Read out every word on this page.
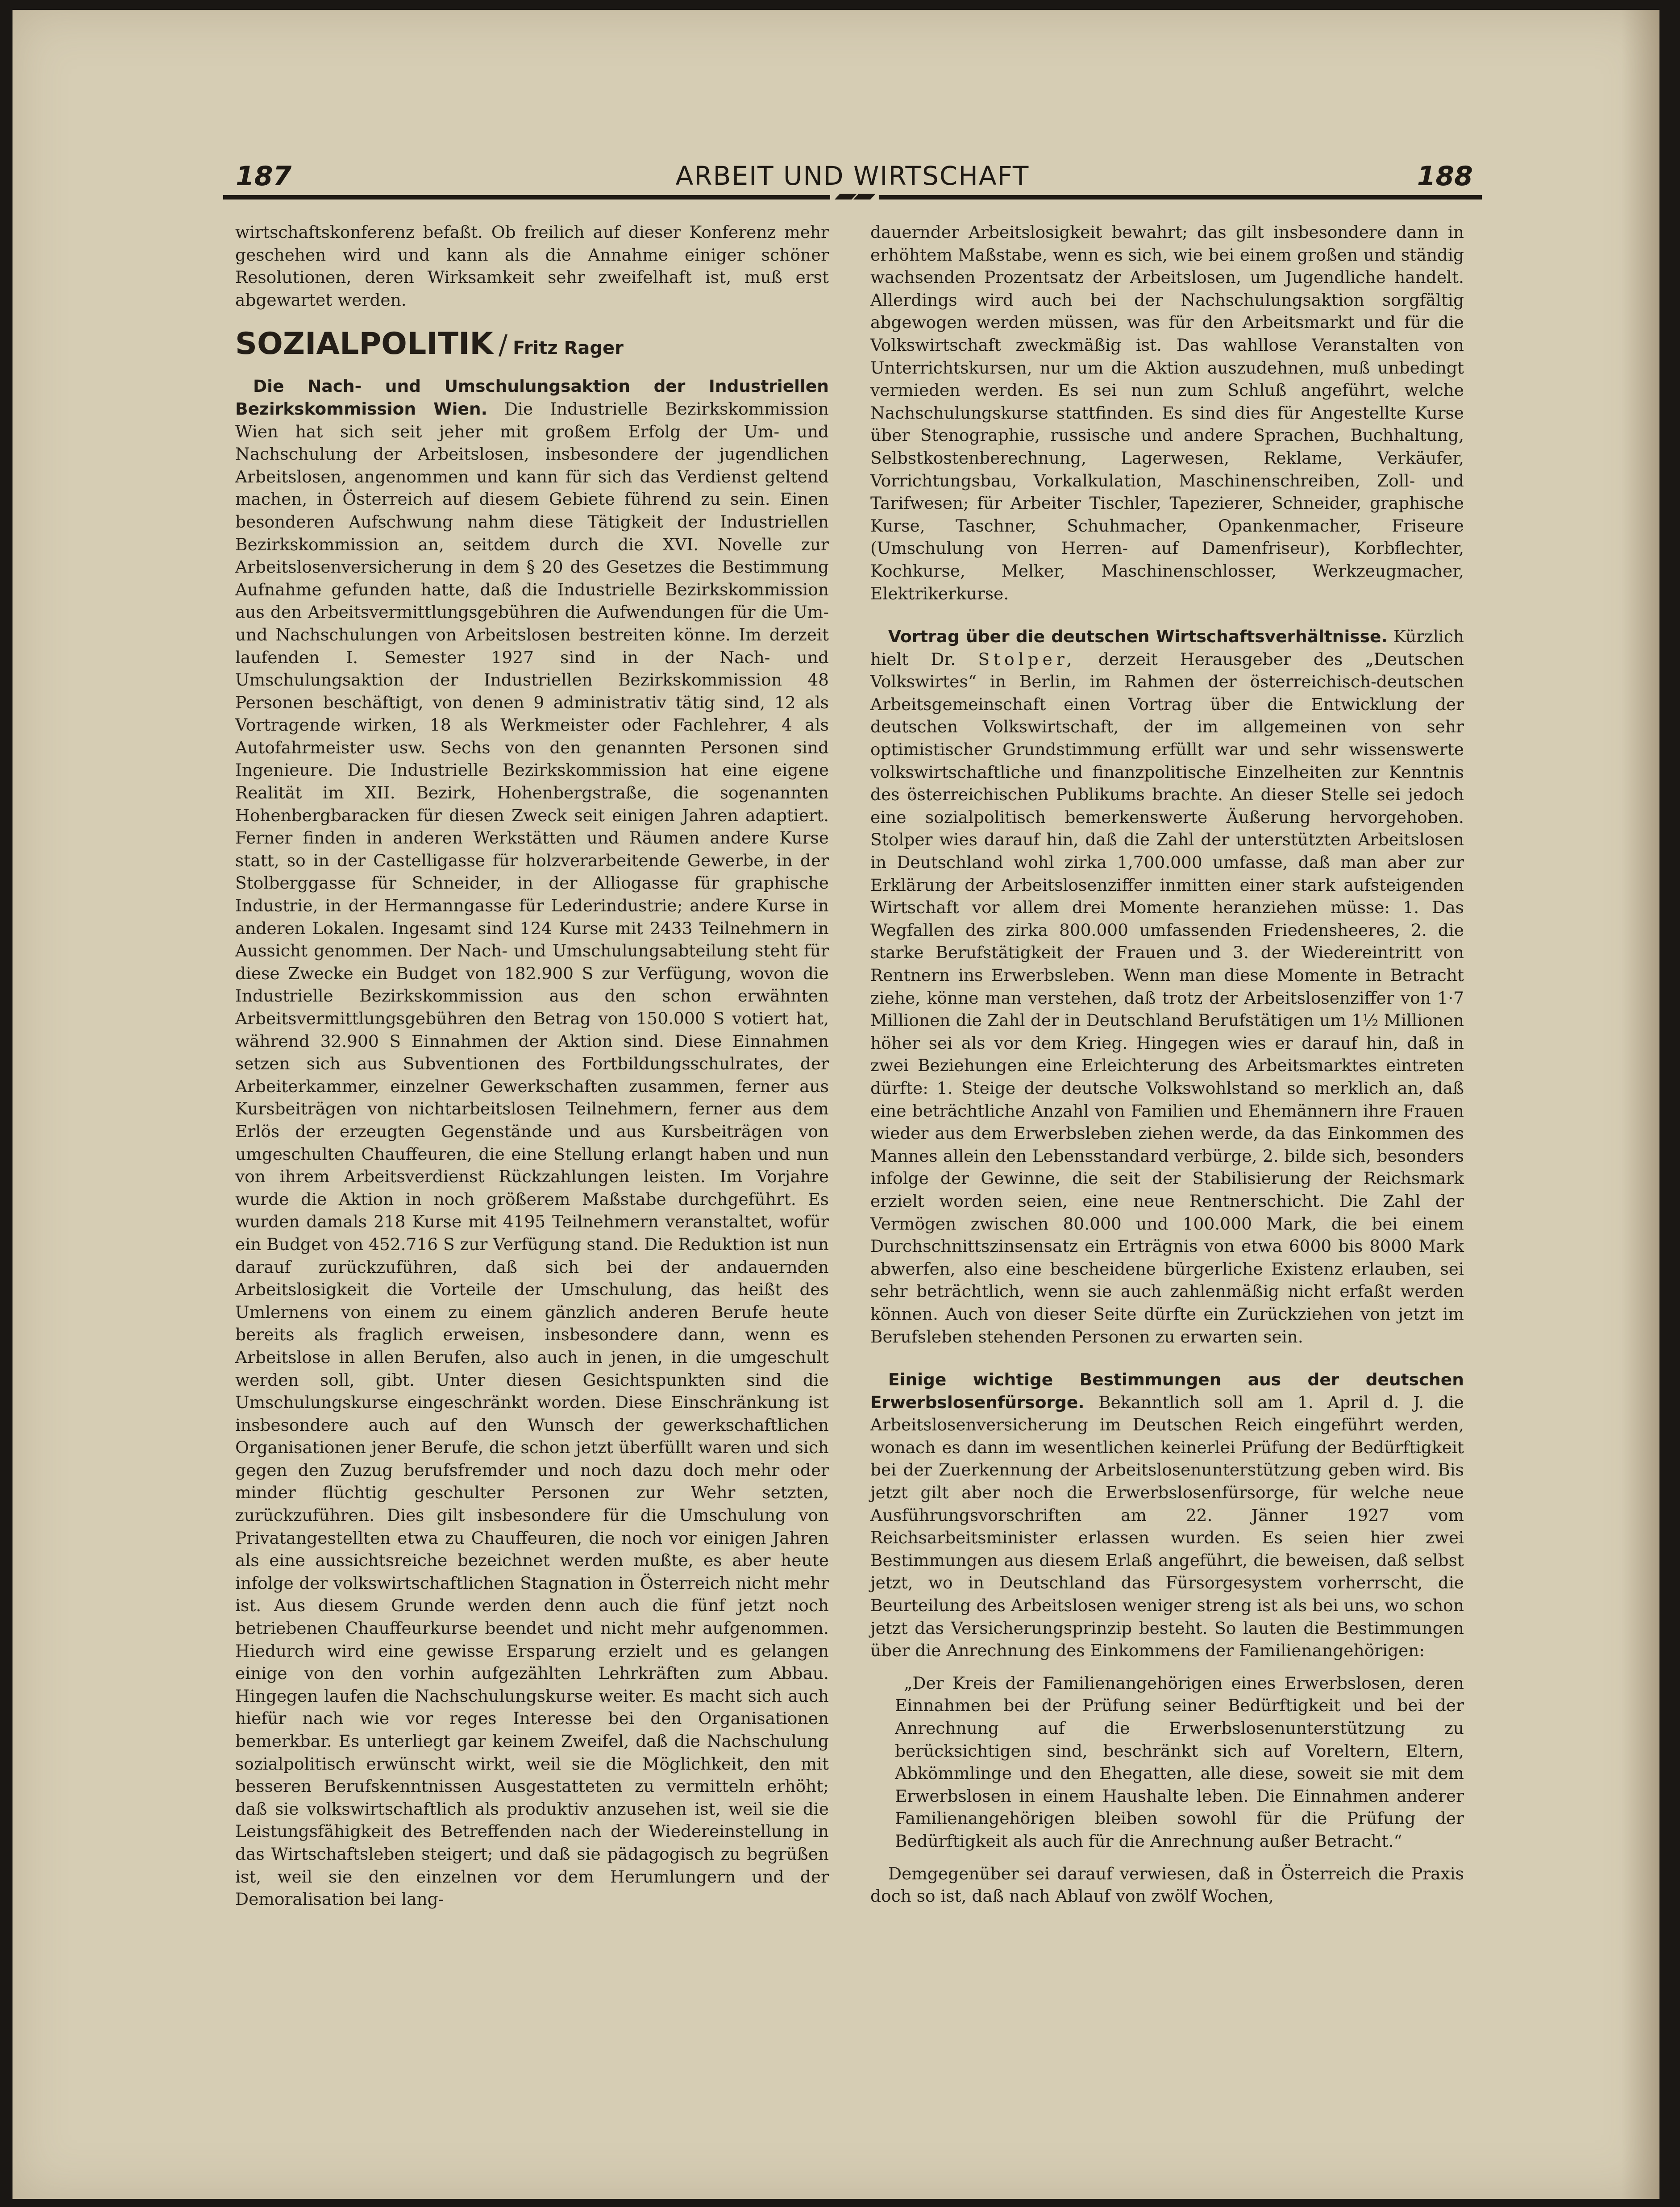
187	ARBEIT UND WIRTSCHAFT	188

wirtschaftskonferenz befaßt. Ob freilich auf dieser Konferenz mehr geschehen wird und kann als die Annahme einiger schöner Resolutionen, deren Wirksamkeit sehr zweifelhaft ist, muß erst abgewartet werden.

SOZIALPOLITIK / Fritz Rager

Die Nach- und Umschulungsaktion der Industriellen Bezirkskommission Wien. Die Industrielle Bezirkskommission Wien hat sich seit jeher mit großem Erfolg der Um- und Nachschulung der Arbeitslosen, insbesondere der jugendlichen Arbeitslosen, angenommen und kann für sich das Verdienst geltend machen, in Österreich auf diesem Gebiete führend zu sein. Einen besonderen Aufschwung nahm diese Tätigkeit der Industriellen Bezirkskommission an, seitdem durch die XVI. Novelle zur Arbeitslosenversicherung in dem § 20 des Gesetzes die Bestimmung Aufnahme gefunden hatte, daß die Industrielle Bezirkskommission aus den Arbeitsvermittlungsgebühren die Aufwendungen für die Um- und Nachschulungen von Arbeitslosen bestreiten könne. Im derzeit laufenden I. Semester 1927 sind in der Nach- und Umschulungsaktion der Industriellen Bezirkskommission 48 Personen beschäftigt, von denen 9 administrativ tätig sind, 12 als Vortragende wirken, 18 als Werkmeister oder Fachlehrer, 4 als Autofahrmeister usw. Sechs von den genannten Personen sind Ingenieure. Die Industrielle Bezirkskommission hat eine eigene Realität im XII. Bezirk, Hohenbergstraße, die sogenannten Hohenbergbaracken für diesen Zweck seit einigen Jahren adaptiert. Ferner finden in anderen Werkstätten und Räumen andere Kurse statt, so in der Castelligasse für holzverarbeitende Gewerbe, in der Stolberggasse für Schneider, in der Alliogasse für graphische Industrie, in der Hermanngasse für Lederindustrie; andere Kurse in anderen Lokalen. Ingesamt sind 124 Kurse mit 2433 Teilnehmern in Aussicht genommen. Der Nach- und Umschulungsabteilung steht für diese Zwecke ein Budget von 182.900 S zur Verfügung, wovon die Industrielle Bezirkskommission aus den schon erwähnten Arbeitsvermittlungsgebühren den Betrag von 150.000 S votiert hat, während 32.900 S Einnahmen der Aktion sind. Diese Einnahmen setzen sich aus Subventionen des Fortbildungsschulrates, der Arbeiterkammer, einzelner Gewerkschaften zusammen, ferner aus Kursbeiträgen von nichtarbeitslosen Teilnehmern, ferner aus dem Erlös der erzeugten Gegenstände und aus Kursbeiträgen von umgeschulten Chauffeuren, die eine Stellung erlangt haben und nun von ihrem Arbeitsverdienst Rückzahlungen leisten. Im Vorjahre wurde die Aktion in noch größerem Maßstabe durchgeführt. Es wurden damals 218 Kurse mit 4195 Teilnehmern veranstaltet, wofür ein Budget von 452.716 S zur Verfügung stand. Die Reduktion ist nun darauf zurückzuführen, daß sich bei der andauernden Arbeitslosigkeit die Vorteile der Umschulung, das heißt des Umlernens von einem zu einem gänzlich anderen Berufe heute bereits als fraglich erweisen, insbesondere dann, wenn es Arbeitslose in allen Berufen, also auch in jenen, in die umgeschult werden soll, gibt. Unter diesen Gesichtspunkten sind die Umschulungskurse eingeschränkt worden. Diese Einschränkung ist insbesondere auch auf den Wunsch der gewerkschaftlichen Organisationen jener Berufe, die schon jetzt überfüllt waren und sich gegen den Zuzug berufsfremder und noch dazu doch mehr oder minder flüchtig geschulter Personen zur Wehr setzten, zurückzuführen. Dies gilt insbesondere für die Umschulung von Privatangestellten etwa zu Chauffeuren, die noch vor einigen Jahren als eine aussichtsreiche bezeichnet werden mußte, es aber heute infolge der volkswirtschaftlichen Stagnation in Österreich nicht mehr ist. Aus diesem Grunde werden denn auch die fünf jetzt noch betriebenen Chauffeurkurse beendet und nicht mehr aufgenommen. Hiedurch wird eine gewisse Ersparung erzielt und es gelangen einige von den vorhin aufgezählten Lehrkräften zum Abbau. Hingegen laufen die Nachschulungskurse weiter. Es macht sich auch hiefür nach wie vor reges Interesse bei den Organisationen bemerkbar. Es unterliegt gar keinem Zweifel, daß die Nachschulung sozialpolitisch erwünscht wirkt, weil sie die Möglichkeit, den mit besseren Berufskenntnissen Ausgestatteten zu vermitteln erhöht; daß sie volkswirtschaftlich als produktiv anzusehen ist, weil sie die Leistungsfähigkeit des Betreffenden nach der Wiedereinstellung in das Wirtschaftsleben steigert; und daß sie pädagogisch zu begrüßen ist, weil sie den einzelnen vor dem Herumlungern und der Demoralisation bei lang-

dauernder Arbeitslosigkeit bewahrt; das gilt insbesondere dann in erhöhtem Maßstabe, wenn es sich, wie bei einem großen und ständig wachsenden Prozentsatz der Arbeitslosen, um Jugendliche handelt. Allerdings wird auch bei der Nachschulungsaktion sorgfältig abgewogen werden müssen, was für den Arbeitsmarkt und für die Volkswirtschaft zweckmäßig ist. Das wahllose Veranstalten von Unterrichtskursen, nur um die Aktion auszudehnen, muß unbedingt vermieden werden. Es sei nun zum Schluß angeführt, welche Nachschulungskurse stattfinden. Es sind dies für Angestellte Kurse über Stenographie, russische und andere Sprachen, Buchhaltung, Selbstkostenberechnung, Lagerwesen, Reklame, Verkäufer, Vorrichtungsbau, Vorkalkulation, Maschinenschreiben, Zoll- und Tarifwesen; für Arbeiter Tischler, Tapezierer, Schneider, graphische Kurse, Taschner, Schuhmacher, Opankenmacher, Friseure (Umschulung von Herren- auf Damenfriseur), Korbflechter, Kochkurse, Melker, Maschinenschlosser, Werkzeugmacher, Elektrikerkurse.

Vortrag über die deutschen Wirtschaftsverhältnisse. Kürzlich hielt Dr. Stolper, derzeit Herausgeber des „Deutschen Volkswirtes“ in Berlin, im Rahmen der österreichisch-deutschen Arbeitsgemeinschaft einen Vortrag über die Entwicklung der deutschen Volkswirtschaft, der im allgemeinen von sehr optimistischer Grundstimmung erfüllt war und sehr wissenswerte volkswirtschaftliche und finanzpolitische Einzelheiten zur Kenntnis des österreichischen Publikums brachte. An dieser Stelle sei jedoch eine sozialpolitisch bemerkenswerte Äußerung hervorgehoben. Stolper wies darauf hin, daß die Zahl der unterstützten Arbeitslosen in Deutschland wohl zirka 1,700.000 umfasse, daß man aber zur Erklärung der Arbeitslosenziffer inmitten einer stark aufsteigenden Wirtschaft vor allem drei Momente heranziehen müsse: 1. Das Wegfallen des zirka 800.000 umfassenden Friedensheeres, 2. die starke Berufstätigkeit der Frauen und 3. der Wiedereintritt von Rentnern ins Erwerbsleben. Wenn man diese Momente in Betracht ziehe, könne man verstehen, daß trotz der Arbeitslosenziffer von 1·7 Millionen die Zahl der in Deutschland Berufstätigen um 1½ Millionen höher sei als vor dem Krieg. Hingegen wies er darauf hin, daß in zwei Beziehungen eine Erleichterung des Arbeitsmarktes eintreten dürfte: 1. Steige der deutsche Volkswohlstand so merklich an, daß eine beträchtliche Anzahl von Familien und Ehemännern ihre Frauen wieder aus dem Erwerbsleben ziehen werde, da das Einkommen des Mannes allein den Lebensstandard verbürge, 2. bilde sich, besonders infolge der Gewinne, die seit der Stabilisierung der Reichsmark erzielt worden seien, eine neue Rentnerschicht. Die Zahl der Vermögen zwischen 80.000 und 100.000 Mark, die bei einem Durchschnittszinsensatz ein Erträgnis von etwa 6000 bis 8000 Mark abwerfen, also eine bescheidene bürgerliche Existenz erlauben, sei sehr beträchtlich, wenn sie auch zahlenmäßig nicht erfaßt werden können. Auch von dieser Seite dürfte ein Zurückziehen von jetzt im Berufsleben stehenden Personen zu erwarten sein.

Einige wichtige Bestimmungen aus der deutschen Erwerbslosenfürsorge. Bekanntlich soll am 1. April d. J. die Arbeitslosenversicherung im Deutschen Reich eingeführt werden, wonach es dann im wesentlichen keinerlei Prüfung der Bedürftigkeit bei der Zuerkennung der Arbeitslosenunterstützung geben wird. Bis jetzt gilt aber noch die Erwerbslosenfürsorge, für welche neue Ausführungsvorschriften am 22. Jänner 1927 vom Reichsarbeitsminister erlassen wurden. Es seien hier zwei Bestimmungen aus diesem Erlaß angeführt, die beweisen, daß selbst jetzt, wo in Deutschland das Fürsorgesystem vorherrscht, die Beurteilung des Arbeitslosen weniger streng ist als bei uns, wo schon jetzt das Versicherungsprinzip besteht. So lauten die Bestimmungen über die Anrechnung des Einkommens der Familienangehörigen:

„Der Kreis der Familienangehörigen eines Erwerbslosen, deren Einnahmen bei der Prüfung seiner Bedürftigkeit und bei der Anrechnung auf die Erwerbslosenunterstützung zu berücksichtigen sind, beschränkt sich auf Voreltern, Eltern, Abkömmlinge und den Ehegatten, alle diese, soweit sie mit dem Erwerbslosen in einem Haushalte leben. Die Einnahmen anderer Familienangehörigen bleiben sowohl für die Prüfung der Bedürftigkeit als auch für die Anrechnung außer Betracht.“

Demgegenüber sei darauf verwiesen, daß in Österreich die Praxis doch so ist, daß nach Ablauf von zwölf Wochen,
